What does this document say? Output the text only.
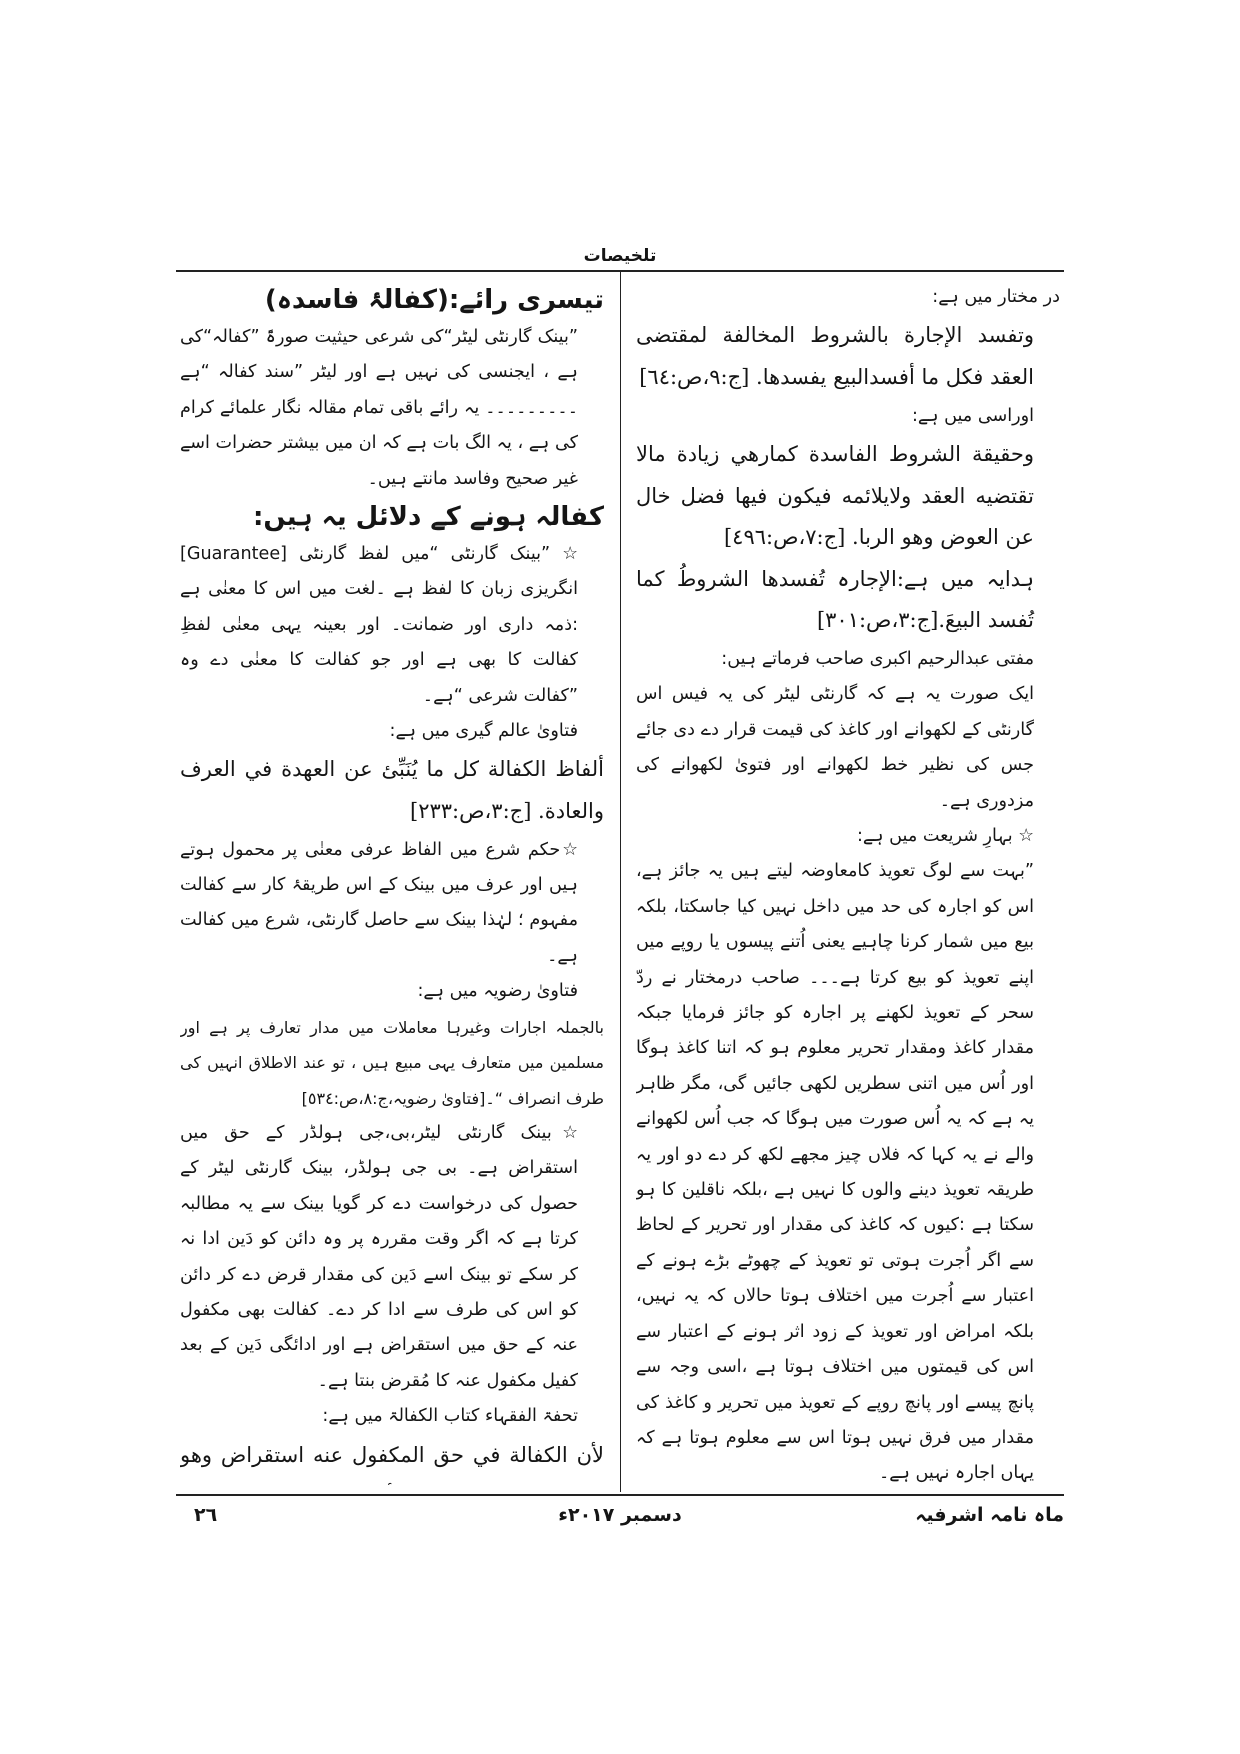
تلخیصات

در مختار میں ہے:

وتفسد الإجارة بالشروط المخالفة لمقتضى العقد فكل ما أفسدالبيع يفسدها. [ج:٩،ص:٦٤]

اوراسی میں ہے:

وحقيقة الشروط الفاسدة كمارهي زيادة مالا تقتضيه العقد ولايلائمه فيكون فيها فضل خال عن العوض وهو الربا. [ج:٧،ص:٤٩٦]

ہدایہ میں ہے:الإجارہ تُفسدها الشروطُ كما تُفسد البيعَ.[ج:٣،ص:٣٠١]

مفتی عبدالرحیم اکبری صاحب فرماتے ہیں:

ایک صورت یہ ہے کہ گارنٹی لیٹر کی یہ فیس اس گارنٹی کے لکھوانے اور کاغذ کی قیمت قرار دے دی جائے جس کی نظیر خط لکھوانے اور فتویٰ لکھوانے کی مزدوری ہے۔

☆ بہارِ شریعت میں ہے:

”بہت سے لوگ تعویذ کامعاوضہ لیتے ہیں یہ جائز ہے، اس کو اجارہ کی حد میں داخل نہیں کیا جاسکتا، بلکہ بیع میں شمار کرنا چاہیے یعنی اُتنے پیسوں یا روپے میں اپنے تعویذ کو بیع کرتا ہے۔۔۔ صاحب درمختار نے ردّ سحر کے تعویذ لکھنے پر اجارہ کو جائز فرمایا جبکہ مقدار کاغذ ومقدار تحریر معلوم ہو کہ اتنا کاغذ ہوگا اور اُس میں اتنی سطریں لکھی جائیں گی، مگر ظاہر یہ ہے کہ یہ اُس صورت میں ہوگا کہ جب اُس لکھوانے والے نے یہ کہا کہ فلاں چیز مجھے لکھ کر دے دو اور یہ طریقہ تعویذ دینے والوں کا نہیں ہے ،بلکہ ناقلین کا ہو سکتا ہے :کیوں کہ کاغذ کی مقدار اور تحریر کے لحاظ سے اگر اُجرت ہوتی تو تعویذ کے چھوٹے بڑے ہونے کے اعتبار سے اُجرت میں اختلاف ہوتا حالاں کہ یہ نہیں، بلکہ امراض اور تعویذ کے زود اثر ہونے کے اعتبار سے اس کی قیمتوں میں اختلاف ہوتا ہے ،اسی وجہ سے پانچ پیسے اور پانچ روپے کے تعویذ میں تحریر و کاغذ کی مقدار میں فرق نہیں ہوتا اس سے معلوم ہوتا ہے کہ یہاں اجارہ نہیں ہے۔

تیسری رائے:(کفالۂ فاسدہ)

”بینک گارنٹی لیٹر“کی شرعی حیثیت صورۃً ”کفالہ“کی ہے ، ایجنسی کی نہیں ہے اور لیٹر ”سند کفالہ “ہے ۔۔۔۔۔۔۔۔۔ یہ رائے باقی تمام مقالہ نگار علمائے کرام کی ہے ، یہ الگ بات ہے کہ ان میں بیشتر حضرات اسے غیر صحیح وفاسد مانتے ہیں۔

کفالہ ہونے کے دلائل یہ ہیں:

☆ ”بینک گارنٹی “میں لفظ گارنٹی [Guarantee] انگریزی زبان کا لفظ ہے ۔لغت میں اس کا معنٰی ہے :ذمہ داری اور ضمانت۔ اور بعینہ یہی معنٰی لفظِ کفالت کا بھی ہے اور جو کفالت کا معنٰی دے وہ ”کفالت شرعی “ہے۔

فتاویٰ عالم گیری میں ہے:

ألفاظ الكفالة كل ما يُنَبِّئ عن العهدة في العرف والعادة. [ج:٣،ص:٢٣٣]

☆حکم شرع میں الفاظ عرفی معنٰی پر محمول ہوتے ہیں اور عرف میں بینک کے اس طریقۂ کار سے کفالت مفہوم ؛ لہٰذا بینک سے حاصل گارنٹی، شرع میں کفالت ہے۔

فتاویٰ رضویہ میں ہے:

بالجملہ اجارات وغیرہا معاملات میں مدار تعارف پر ہے اور مسلمین میں متعارف یہی مبیع ہیں ، تو عند الاطلاق انہیں کی طرف انصراف “۔[فتاویٰ رضویہ،ج:٨،ص:٥٣٤]

☆بینک گارنٹی لیٹر،بی،جی ہولڈر کے حق میں استقراض ہے۔ بی جی ہولڈر، بینک گارنٹی لیٹر کے حصول کی درخواست دے کر گویا بینک سے یہ مطالبہ کرتا ہے کہ اگر وقت مقررہ پر وہ دائن کو دَین ادا نہ کر سکے تو بینک اسے دَین کی مقدار قرض دے کر دائن کو اس کی طرف سے ادا کر دے۔ کفالت بھی مکفول عنہ کے حق میں استقراض ہے اور ادائگی دَین کے بعد کفیل مکفول عنہ کا مُقرض بنتا ہے۔

تحفۃ الفقہاء کتاب الکفالۃ میں ہے:

لأن الكفالة في حق المكفول عنه استقراض وهو

دسمبر ٢٠١٧ء
٢٦	ماہ نامہ اشرفیہ
